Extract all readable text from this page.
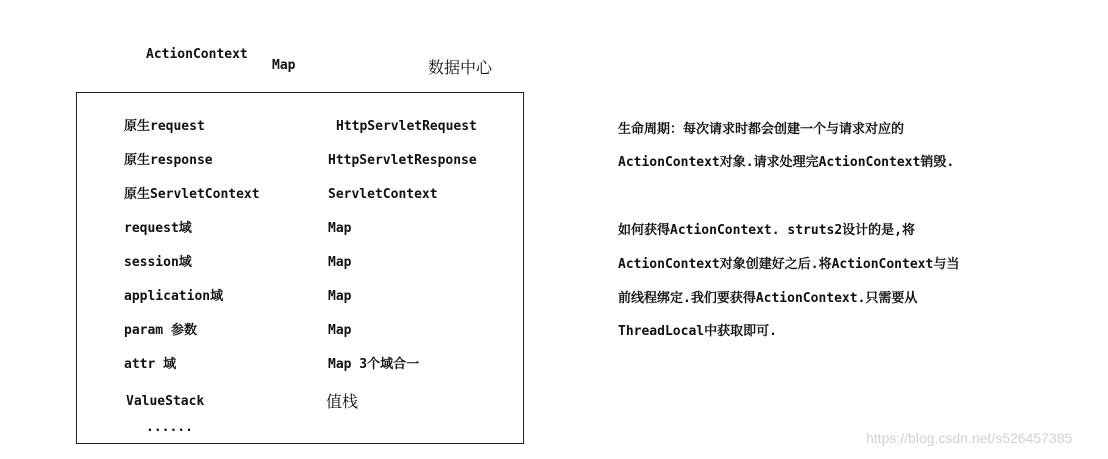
ActionContext
Map	数据中心
原生request	HttpServletRequest
原生response	HttpServletResponse
原生ServletContext	ServletContext
request域	Map
session域	Map
application域	Map
param 参数	Map
attr 域	Map 3个域合一
ValueStack	值栈
......
生命周期：每次请求时都会创建一个与请求对应的
ActionContext对象.请求处理完ActionContext销毁.
如何获得ActionContext. struts2设计的是,将
ActionContext对象创建好之后.将ActionContext与当
前线程绑定.我们要获得ActionContext.只需要从
ThreadLocal中获取即可.
https://blog.csdn.net/s526457385
